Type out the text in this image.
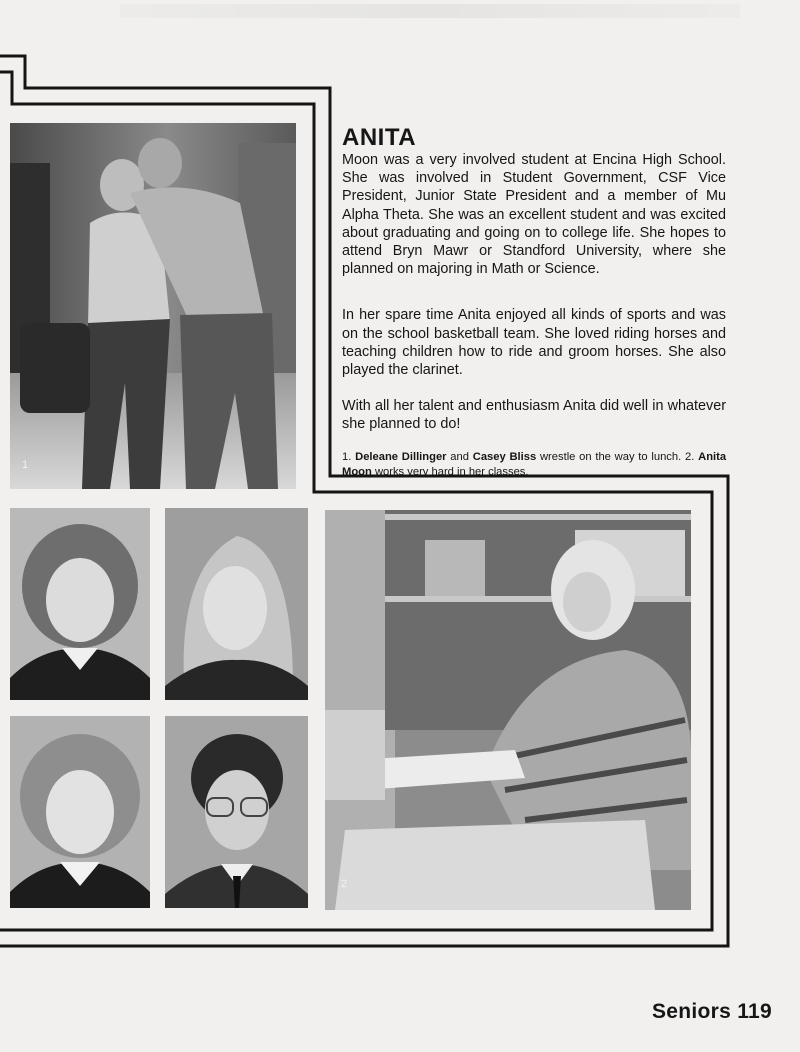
1
2
ANITA

Moon was a very involved student at Encina High School. She was involved in Student Government, CSF Vice President, Junior State President and a member of Mu Alpha Theta. She was an excellent student and was excited about graduating and going on to college life. She hopes to attend Bryn Mawr or Standford University, where she planned on majoring in Math or Science.

In her spare time Anita enjoyed all kinds of sports and was on the school basketball team. She loved riding horses and teaching children how to ride and groom horses. She also played the clarinet.

With all her talent and enthusiasm Anita did well in whatever she planned to do!

1. Deleane Dillinger and Casey Bliss wrestle on the way to lunch. 2. Anita Moon works very hard in her classes.

Seniors 119
